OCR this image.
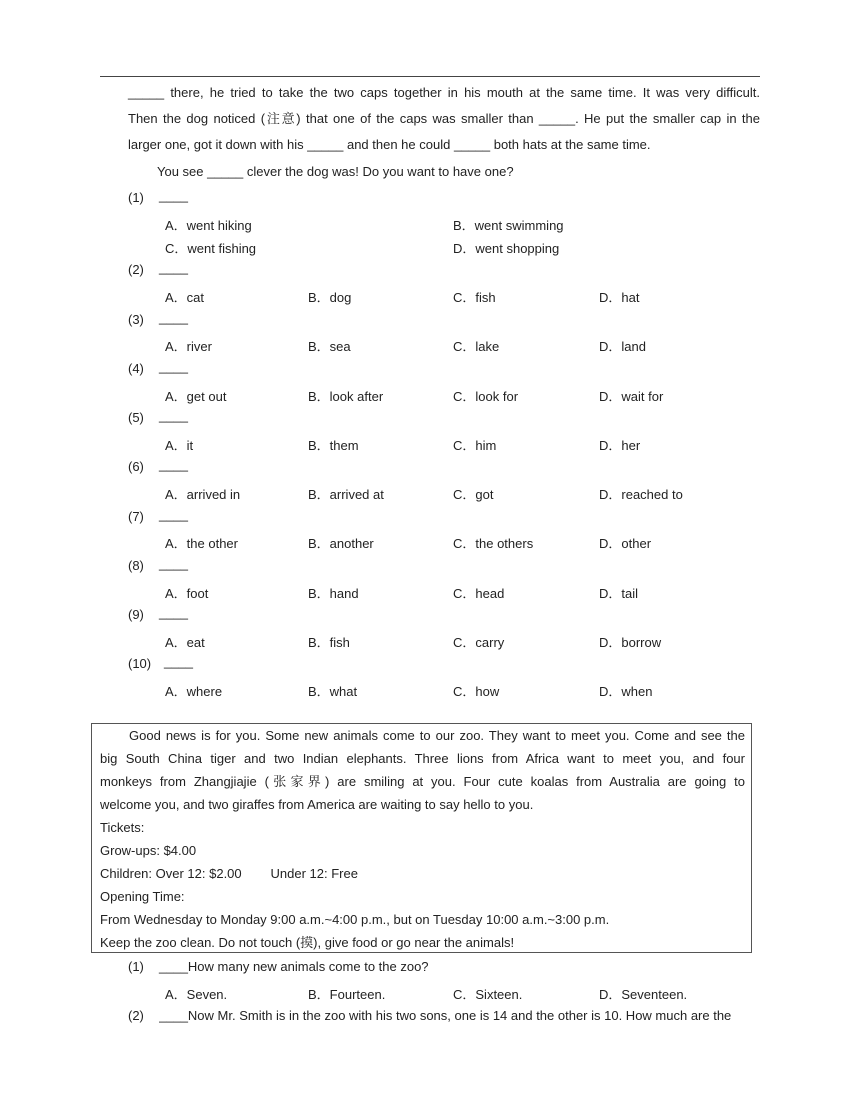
_____ there, he tried to take the two caps together in his mouth at the same time. It was very difficult.
Then the dog noticed (注意) that one of the caps was smaller than _____. He put the smaller cap in the
larger one, got it down with his _____ and then he could _____ both hats at the same time.
You see _____ clever the dog was! Do you want to have one?
(1) ____
A．went hiking	B．went swimming
C．went fishing	D．went shopping
(2) ____
A．cat	B．dog	C．fish	D．hat
(3) ____
A．river	B．sea	C．lake	D．land
(4) ____
A．get out	B．look after	C．look for	D．wait for
(5) ____
A．it	B．them	C．him	D．her
(6) ____
A．arrived in	B．arrived at	C．got	D．reached to
(7) ____
A．the other	B．another	C．the others	D．other
(8) ____
A．foot	B．hand	C．head	D．tail
(9) ____
A．eat	B．fish	C．carry	D．borrow
(10) ____
A．where	B．what	C．how	D．when
Good news is for you. Some new animals come to our zoo. They want to meet you. Come and see the
big South China tiger and two Indian elephants. Three lions from Africa want to meet you, and four
monkeys from Zhangjiajie (张家界) are smiling at you. Four cute koalas from Australia are going to
welcome you, and two giraffes from America are waiting to say hello to you.
Tickets:
Grow-ups: $4.00
Children: Over 12: $2.00        Under 12: Free
Opening Time:
From Wednesday to Monday 9:00 a.m.~4:00 p.m., but on Tuesday 10:00 a.m.~3:00 p.m.
Keep the zoo clean. Do not touch (摸), give food or go near the animals!
(1) ____How many new animals come to the zoo?
A．Seven.	B．Fourteen.	C．Sixteen.	D．Seventeen.
(2) ____Now Mr. Smith is in the zoo with his two sons, one is 14 and the other is 10. How much are the
